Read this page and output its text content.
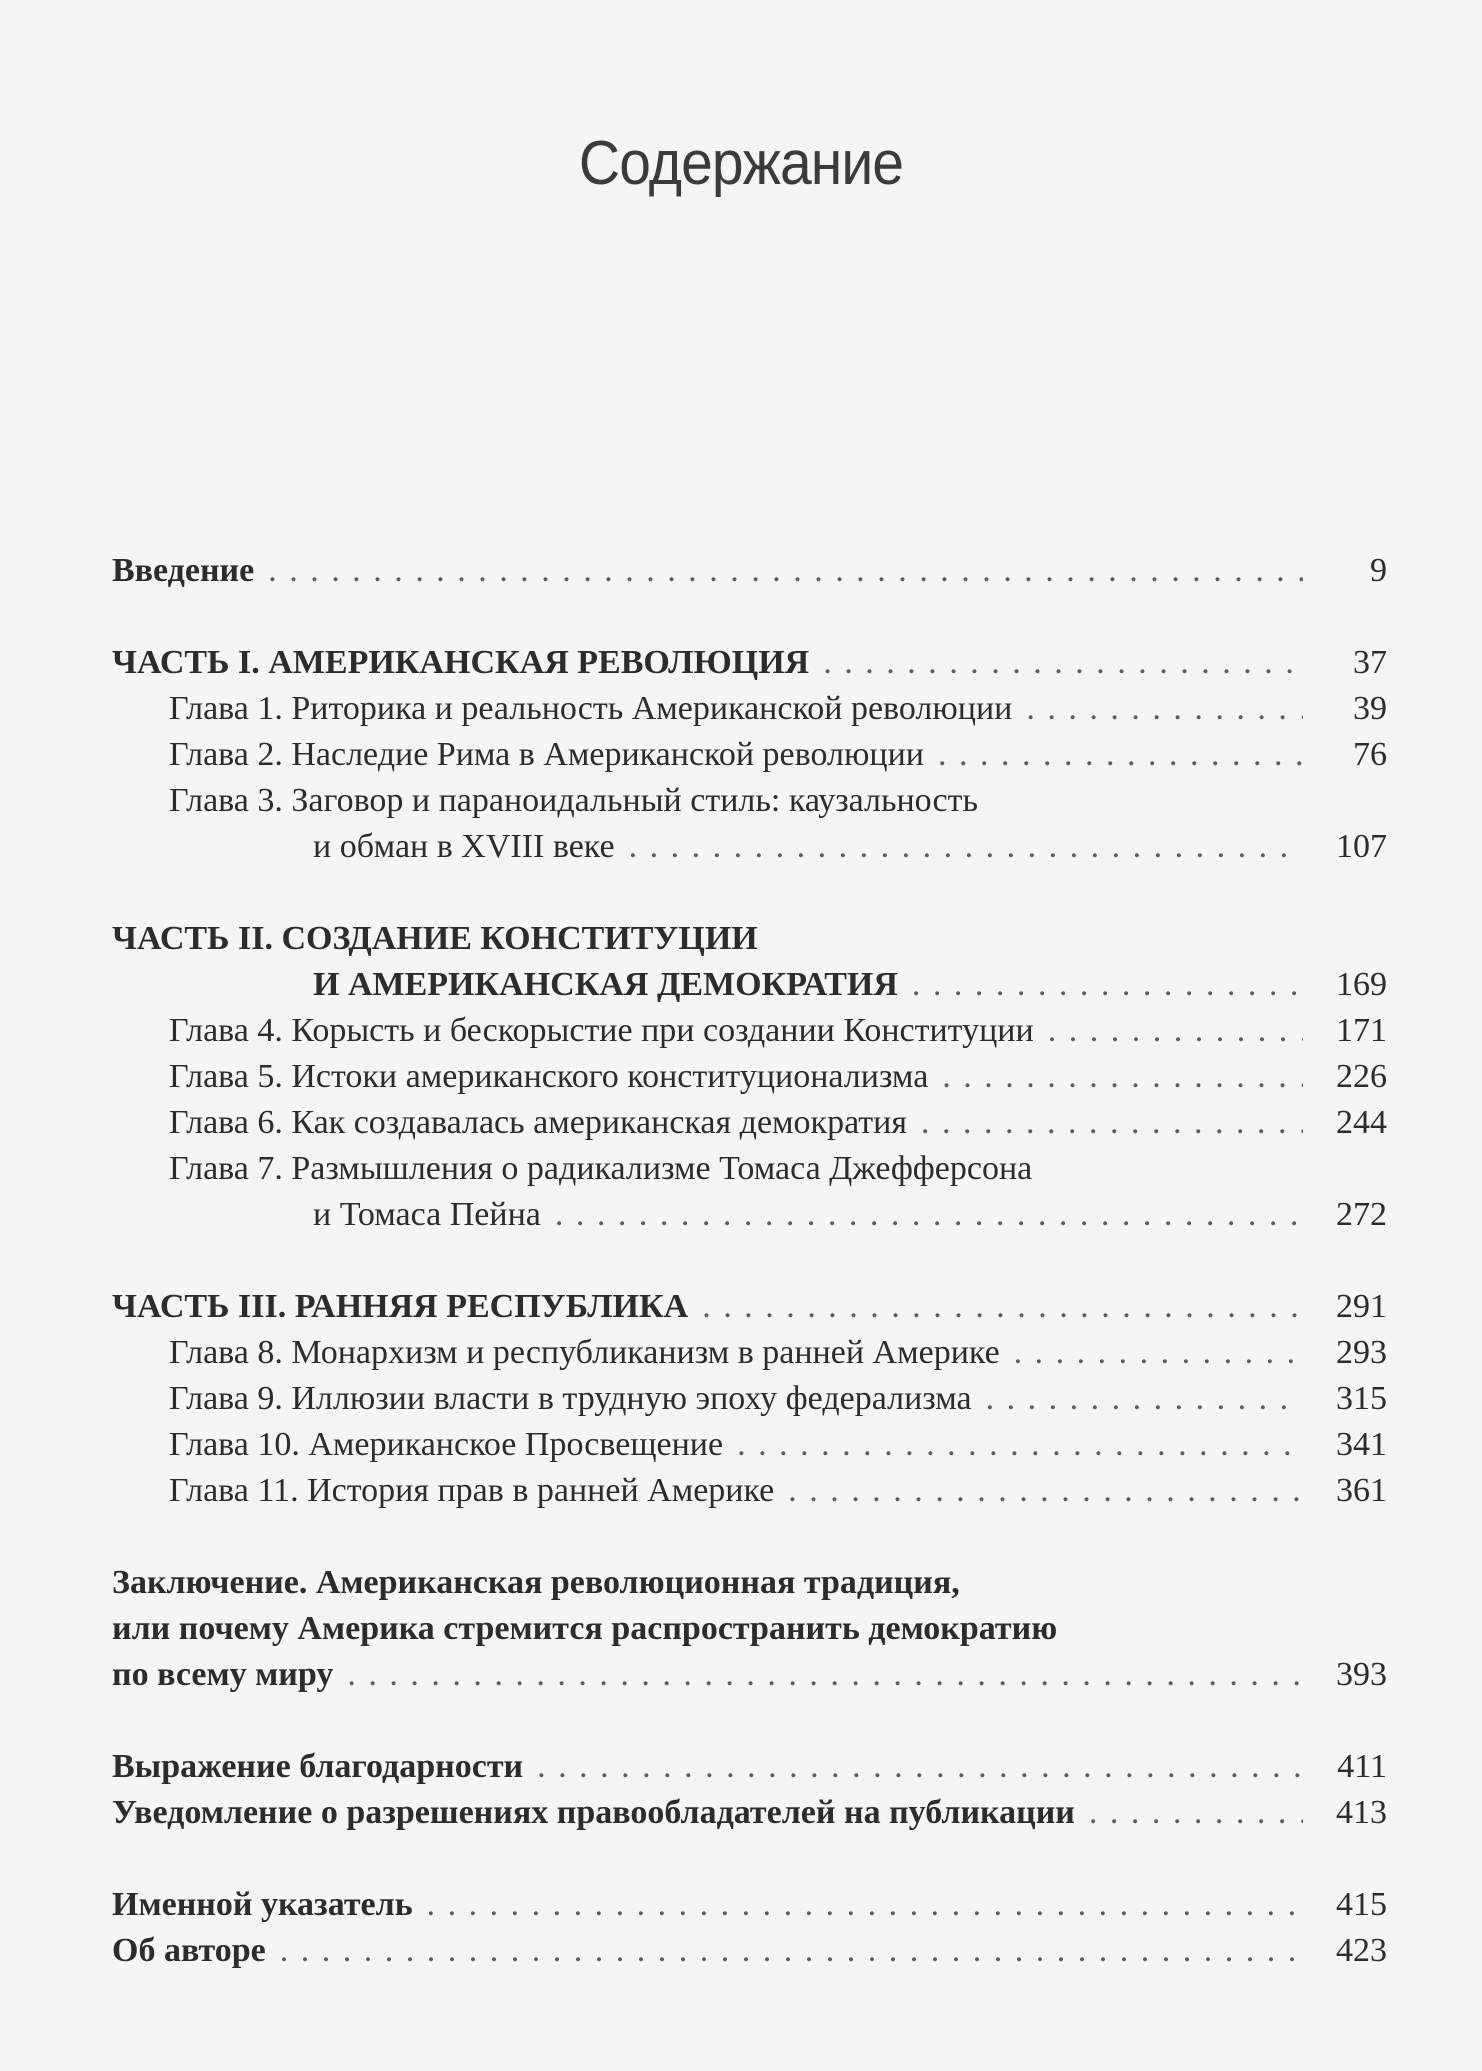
Содержание
Введение . . .	9
ЧАСТЬ I. АМЕРИКАНСКАЯ РЕВОЛЮЦИЯ . . .	37
Глава 1. Риторика и реальность Американской революции . . .	39
Глава 2. Наследие Рима в Американской революции . . .	76
Глава 3. Заговор и параноидальный стиль: каузальность
и обман в XVIII веке . . .	107
ЧАСТЬ II. СОЗДАНИЕ КОНСТИТУЦИИ
И АМЕРИКАНСКАЯ ДЕМОКРАТИЯ . . .	169
Глава 4. Корысть и бескорыстие при создании Конституции . . .	171
Глава 5. Истоки американского конституционализма . . .	226
Глава 6. Как создавалась американская демократия . . .	244
Глава 7. Размышления о радикализме Томаса Джефферсона
и Томаса Пейна . . .	272
ЧАСТЬ III. РАННЯЯ РЕСПУБЛИКА . . .	291
Глава 8. Монархизм и республиканизм в ранней Америке . . .	293
Глава 9. Иллюзии власти в трудную эпоху федерализма . . .	315
Глава 10. Американское Просвещение . . .	341
Глава 11. История прав в ранней Америке . . .	361
Заключение. Американская революционная традиция,
или почему Америка стремится распространить демократию
по всему миру . . .	393
Выражение благодарности . . .	411
Уведомление о разрешениях правообладателей на публикации . . .	413
Именной указатель . . .	415
Об авторе . . .	423
